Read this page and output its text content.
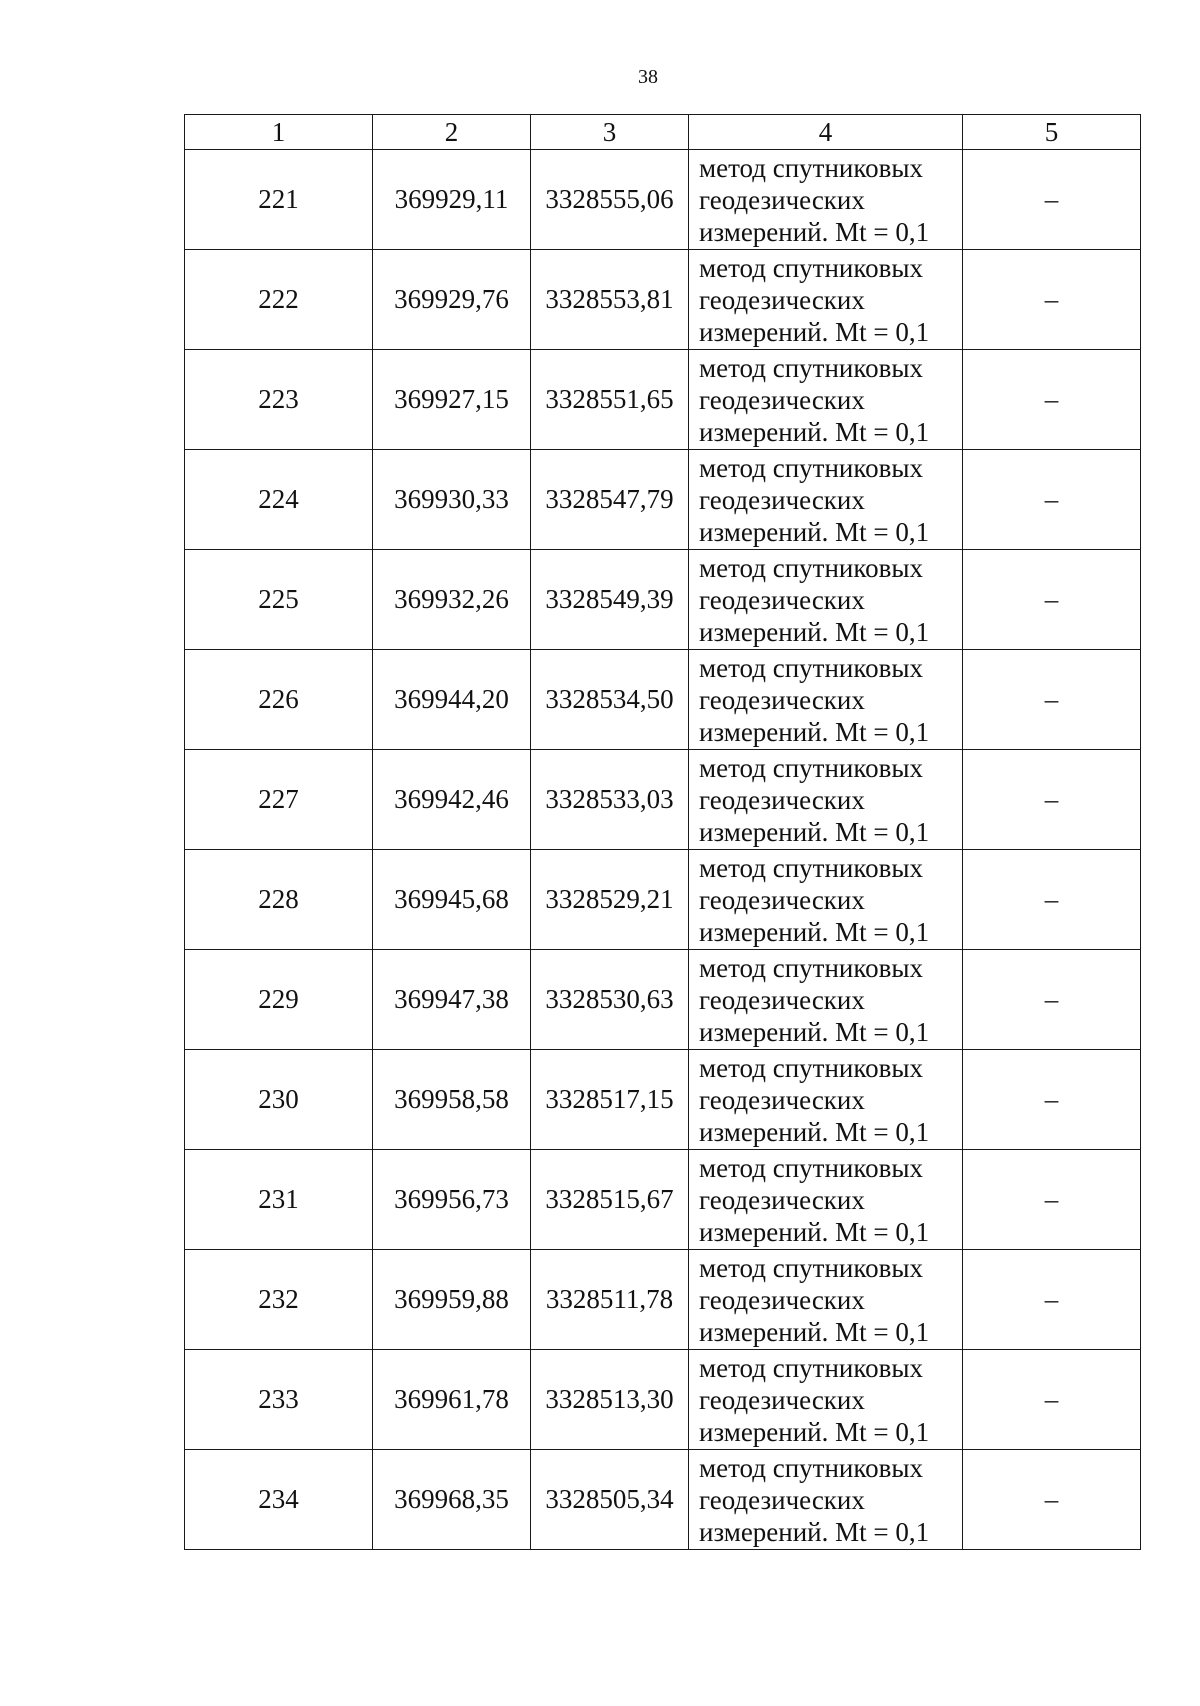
38
1	2	3	4	5
221	369929,11	3328555,06	метод спутниковых
геодезических
измерений. Mt = 0,1	–
222	369929,76	3328553,81	метод спутниковых
геодезических
измерений. Mt = 0,1	–
223	369927,15	3328551,65	метод спутниковых
геодезических
измерений. Mt = 0,1	–
224	369930,33	3328547,79	метод спутниковых
геодезических
измерений. Mt = 0,1	–
225	369932,26	3328549,39	метод спутниковых
геодезических
измерений. Mt = 0,1	–
226	369944,20	3328534,50	метод спутниковых
геодезических
измерений. Mt = 0,1	–
227	369942,46	3328533,03	метод спутниковых
геодезических
измерений. Mt = 0,1	–
228	369945,68	3328529,21	метод спутниковых
геодезических
измерений. Mt = 0,1	–
229	369947,38	3328530,63	метод спутниковых
геодезических
измерений. Mt = 0,1	–
230	369958,58	3328517,15	метод спутниковых
геодезических
измерений. Mt = 0,1	–
231	369956,73	3328515,67	метод спутниковых
геодезических
измерений. Mt = 0,1	–
232	369959,88	3328511,78	метод спутниковых
геодезических
измерений. Mt = 0,1	–
233	369961,78	3328513,30	метод спутниковых
геодезических
измерений. Mt = 0,1	–
234	369968,35	3328505,34	метод спутниковых
геодезических
измерений. Mt = 0,1	–
